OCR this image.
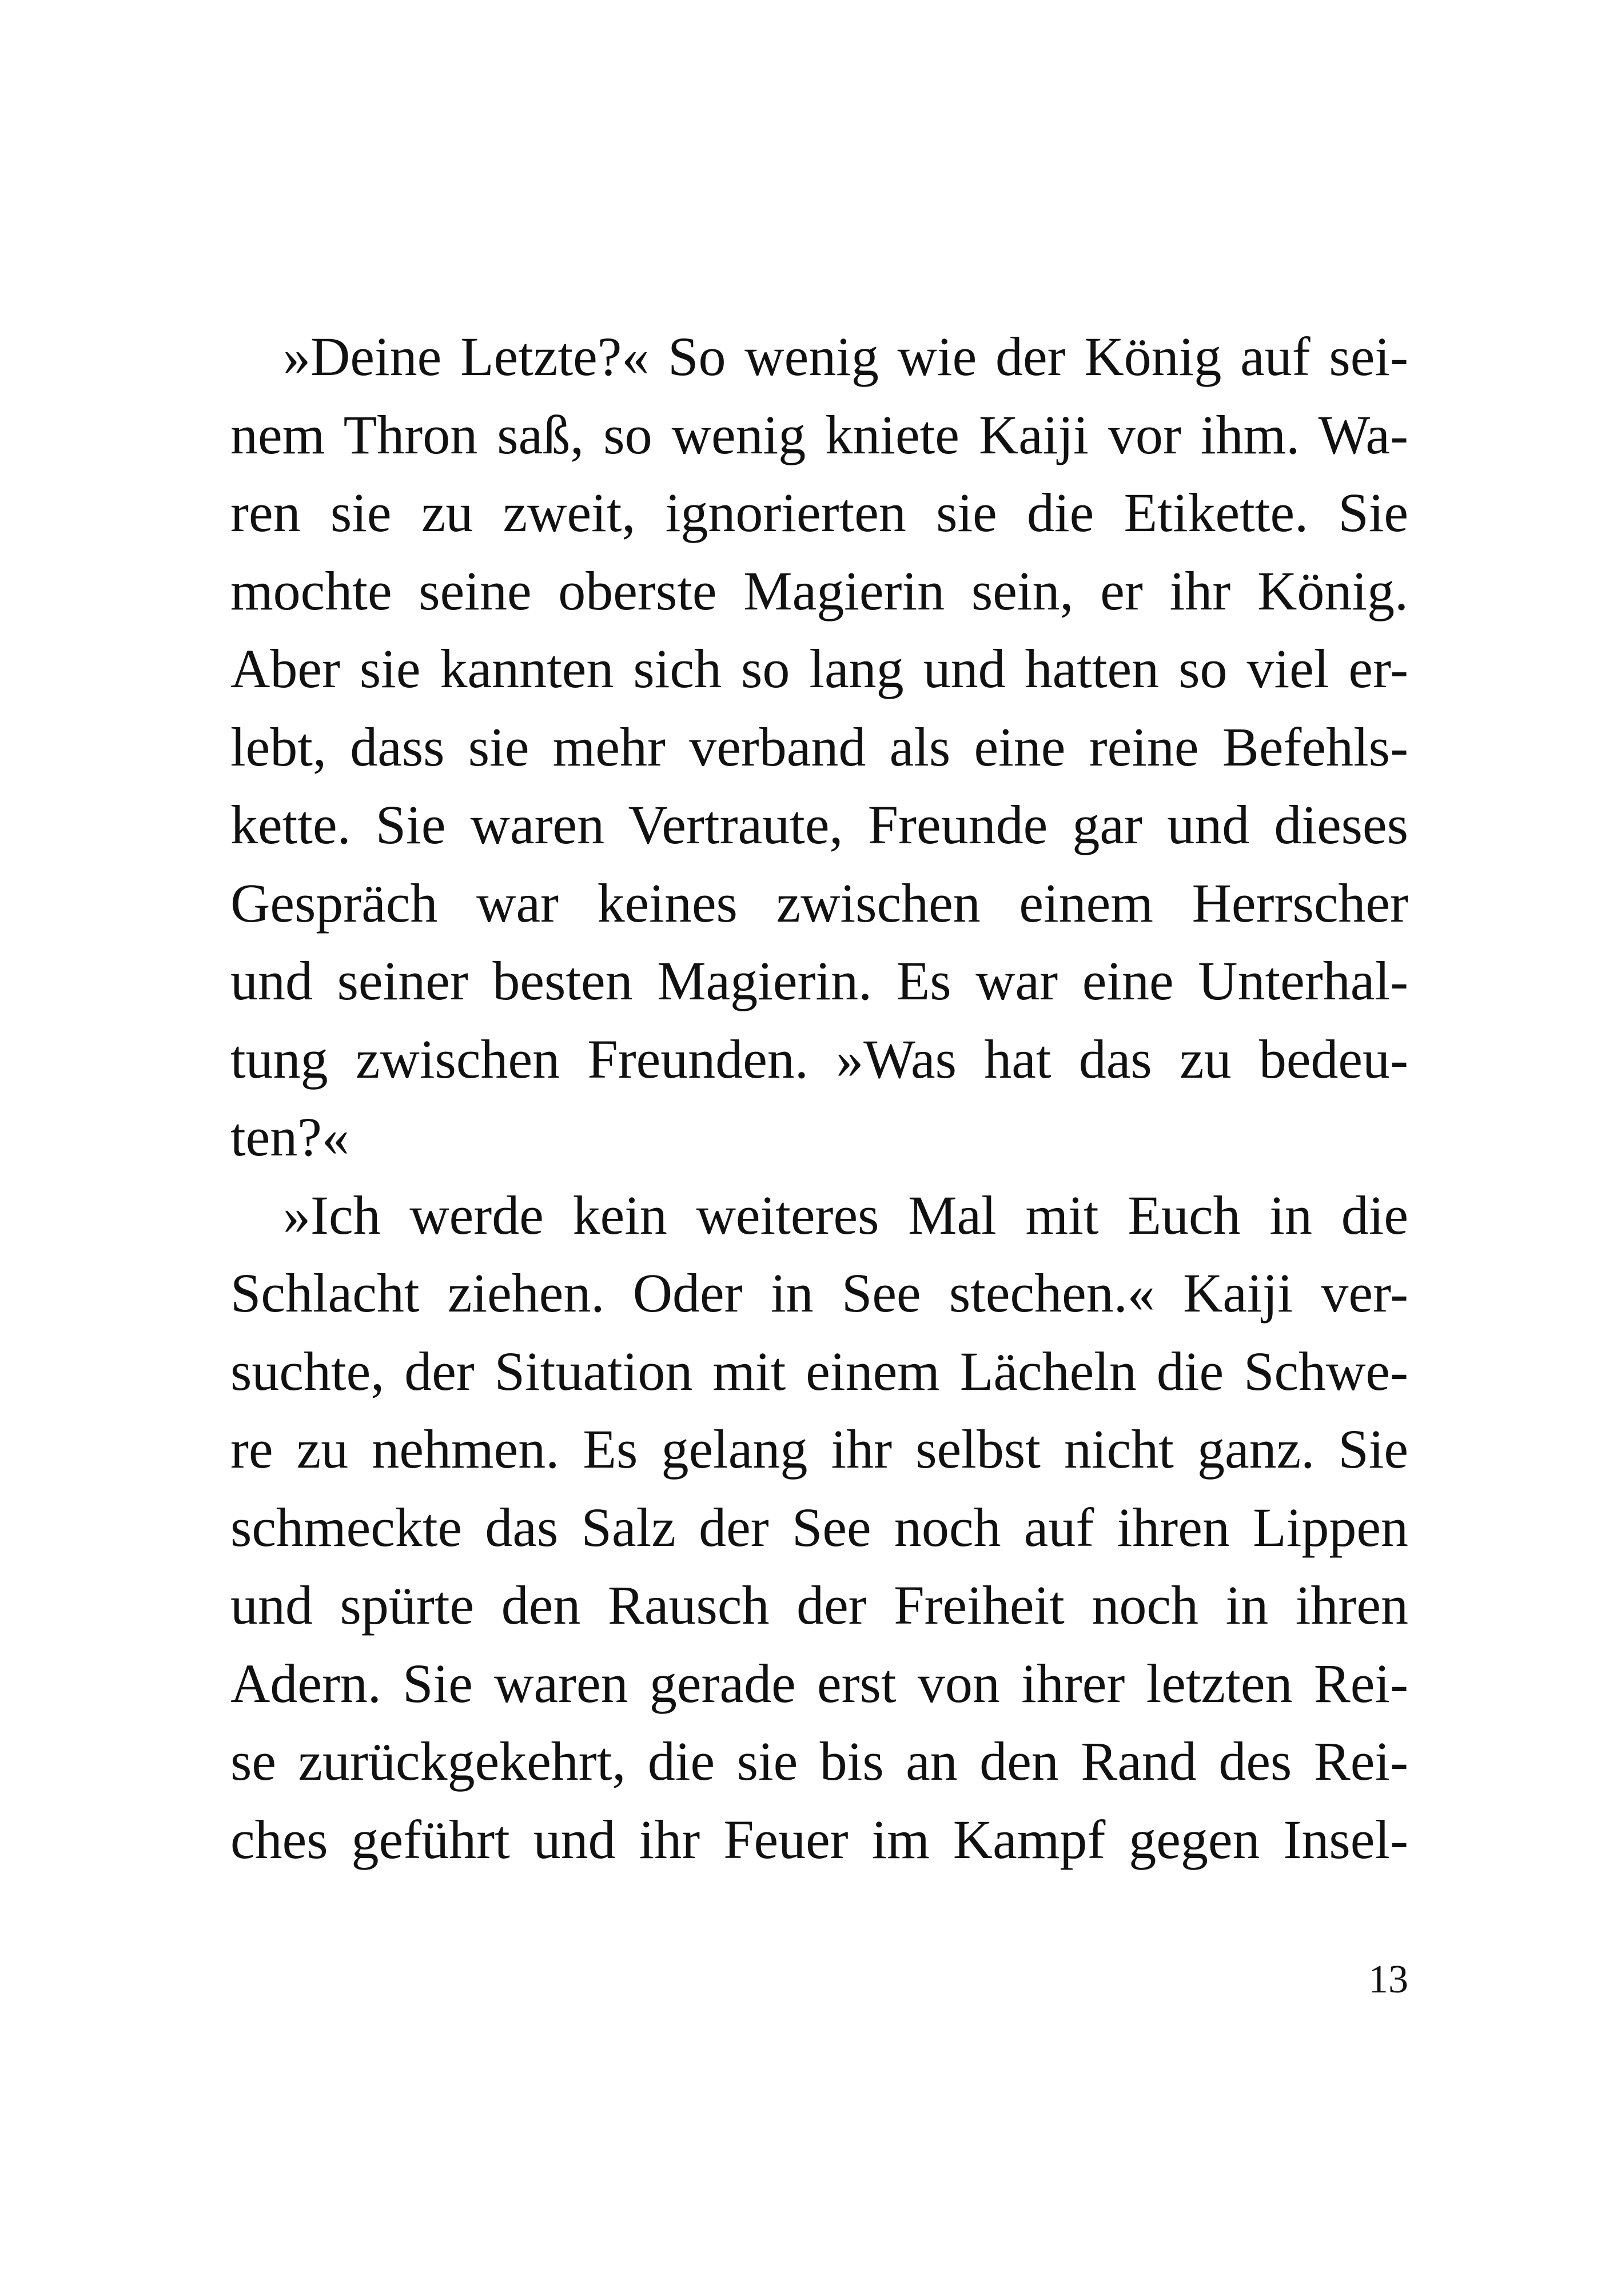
»Deine Letzte?« So wenig wie der König auf sei-
nem Thron saß, so wenig kniete Kaiji vor ihm. Wa-
ren sie zu zweit, ignorierten sie die Etikette. Sie
mochte seine oberste Magierin sein, er ihr König.
Aber sie kannten sich so lang und hatten so viel er-
lebt, dass sie mehr verband als eine reine Befehls-
kette. Sie waren Vertraute, Freunde gar und dieses
Gespräch war keines zwischen einem Herrscher
und seiner besten Magierin. Es war eine Unterhal-
tung zwischen Freunden. »Was hat das zu bedeu-
ten?«
»Ich werde kein weiteres Mal mit Euch in die
Schlacht ziehen. Oder in See stechen.« Kaiji ver-
suchte, der Situation mit einem Lächeln die Schwe-
re zu nehmen. Es gelang ihr selbst nicht ganz. Sie
schmeckte das Salz der See noch auf ihren Lippen
und spürte den Rausch der Freiheit noch in ihren
Adern. Sie waren gerade erst von ihrer letzten Rei-
se zurückgekehrt, die sie bis an den Rand des Rei-
ches geführt und ihr Feuer im Kampf gegen Insel-
13
